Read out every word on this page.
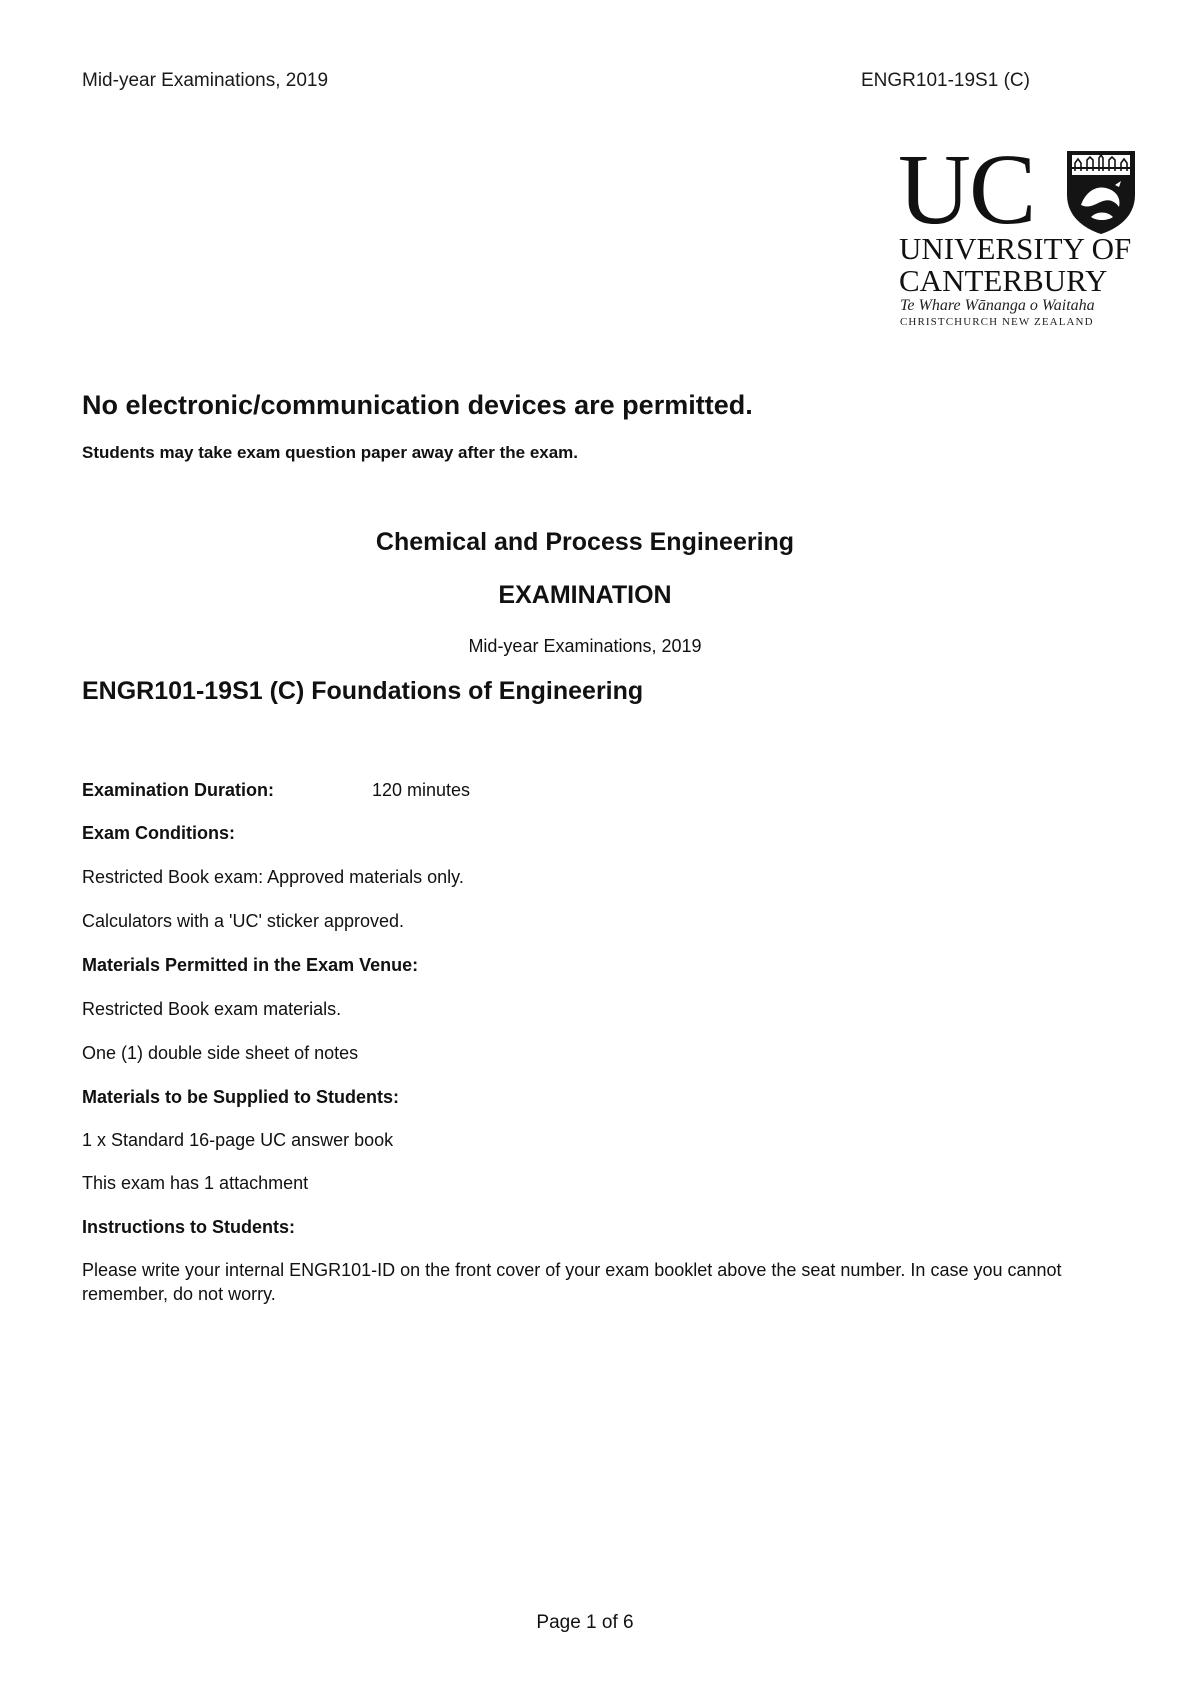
Mid-year Examinations, 2019	ENGR101-19S1 (C)
UC
UNIVERSITY OF
CANTERBURY
Te Whare Wānanga o Waitaha
CHRISTCHURCH NEW ZEALAND
No electronic/communication devices are permitted.
Students may take exam question paper away after the exam.
Chemical and Process Engineering
EXAMINATION
Mid-year Examinations, 2019
ENGR101-19S1 (C) Foundations of Engineering
Examination Duration:	120 minutes
Exam Conditions:
Restricted Book exam: Approved materials only.
Calculators with a 'UC' sticker approved.
Materials Permitted in the Exam Venue:
Restricted Book exam materials.
One (1) double side sheet of notes
Materials to be Supplied to Students:
1 x Standard 16-page UC answer book
This exam has 1 attachment
Instructions to Students:
Please write your internal ENGR101-ID on the front cover of your exam booklet above the seat number. In case you cannot remember, do not worry.
Page 1 of 6
